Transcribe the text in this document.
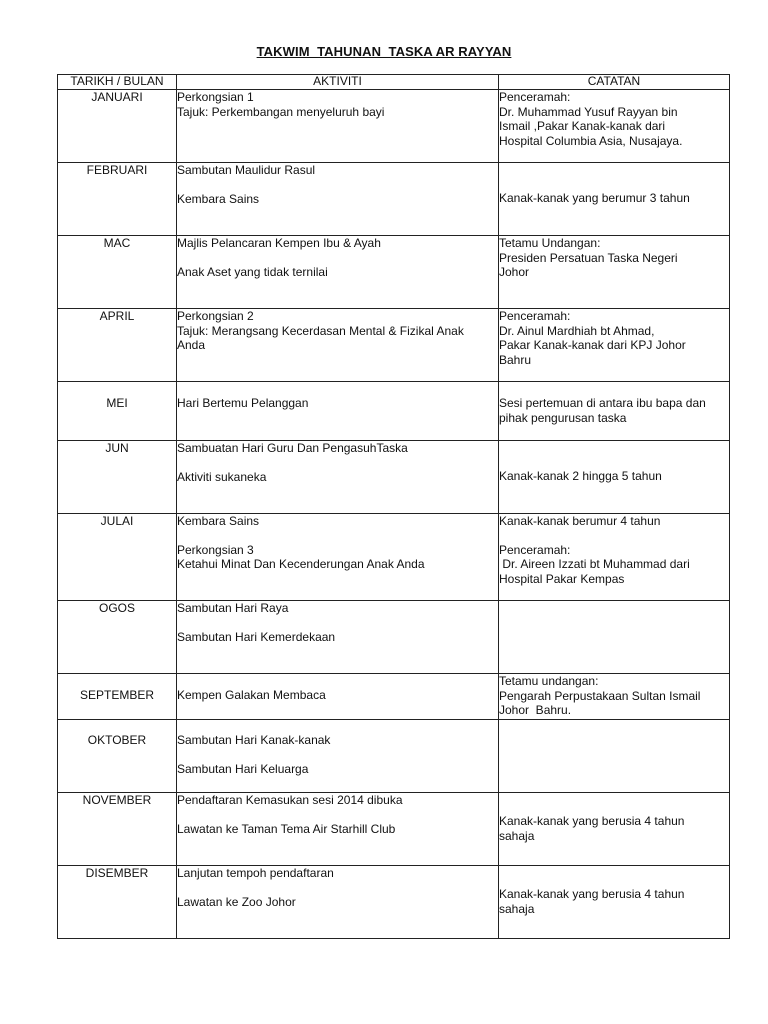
TAKWIM  TAHUNAN  TASKA AR RAYYAN
TARIKH / BULAN	AKTIVITI	CATATAN
JANUARI	Perkongsian 1
Tajuk: Perkembangan menyeluruh bayi	Penceramah:
Dr. Muhammad Yusuf Rayyan bin
Ismail ,Pakar Kanak-kanak dari
Hospital Columbia Asia, Nusajaya.

FEBRUARI	Sambutan Maulidur Rasul
Kembara Sains	Kanak-kanak yang berumur 3 tahun

MAC	Majlis Pelancaran Kempen Ibu & Ayah
Anak Aset yang tidak ternilai	Tetamu Undangan:
Presiden Persatuan Taska Negeri
Johor

APRIL	Perkongsian 2
Tajuk: Merangsang Kecerdasan Mental & Fizikal Anak
Anda	Penceramah:
Dr. Ainul Mardhiah bt Ahmad,
Pakar Kanak-kanak dari KPJ Johor
Bahru

MEI	Hari Bertemu Pelanggan	Sesi pertemuan di antara ibu bapa dan
pihak pengurusan taska

JUN	Sambuatan Hari Guru Dan PengasuhTaska
Aktiviti sukaneka	Kanak-kanak 2 hingga 5 tahun

JULAI	Kembara Sains
Perkongsian 3
Ketahui Minat Dan Kecenderungan Anak Anda	Kanak-kanak berumur 4 tahun
Penceramah:
Dr. Aireen Izzati bt Muhammad dari
Hospital Pakar Kempas

OGOS	Sambutan Hari Raya
Sambutan Hari Kemerdekaan	

SEPTEMBER	Kempen Galakan Membaca	Tetamu undangan:
Pengarah Perpustakaan Sultan Ismail
Johor  Bahru.

OKTOBER	Sambutan Hari Kanak-kanak
Sambutan Hari Keluarga	

NOVEMBER	Pendaftaran Kemasukan sesi 2014 dibuka
Lawatan ke Taman Tema Air Starhill Club	Kanak-kanak yang berusia 4 tahun
sahaja

DISEMBER	Lanjutan tempoh pendaftaran
Lawatan ke Zoo Johor	Kanak-kanak yang berusia 4 tahun
sahaja
